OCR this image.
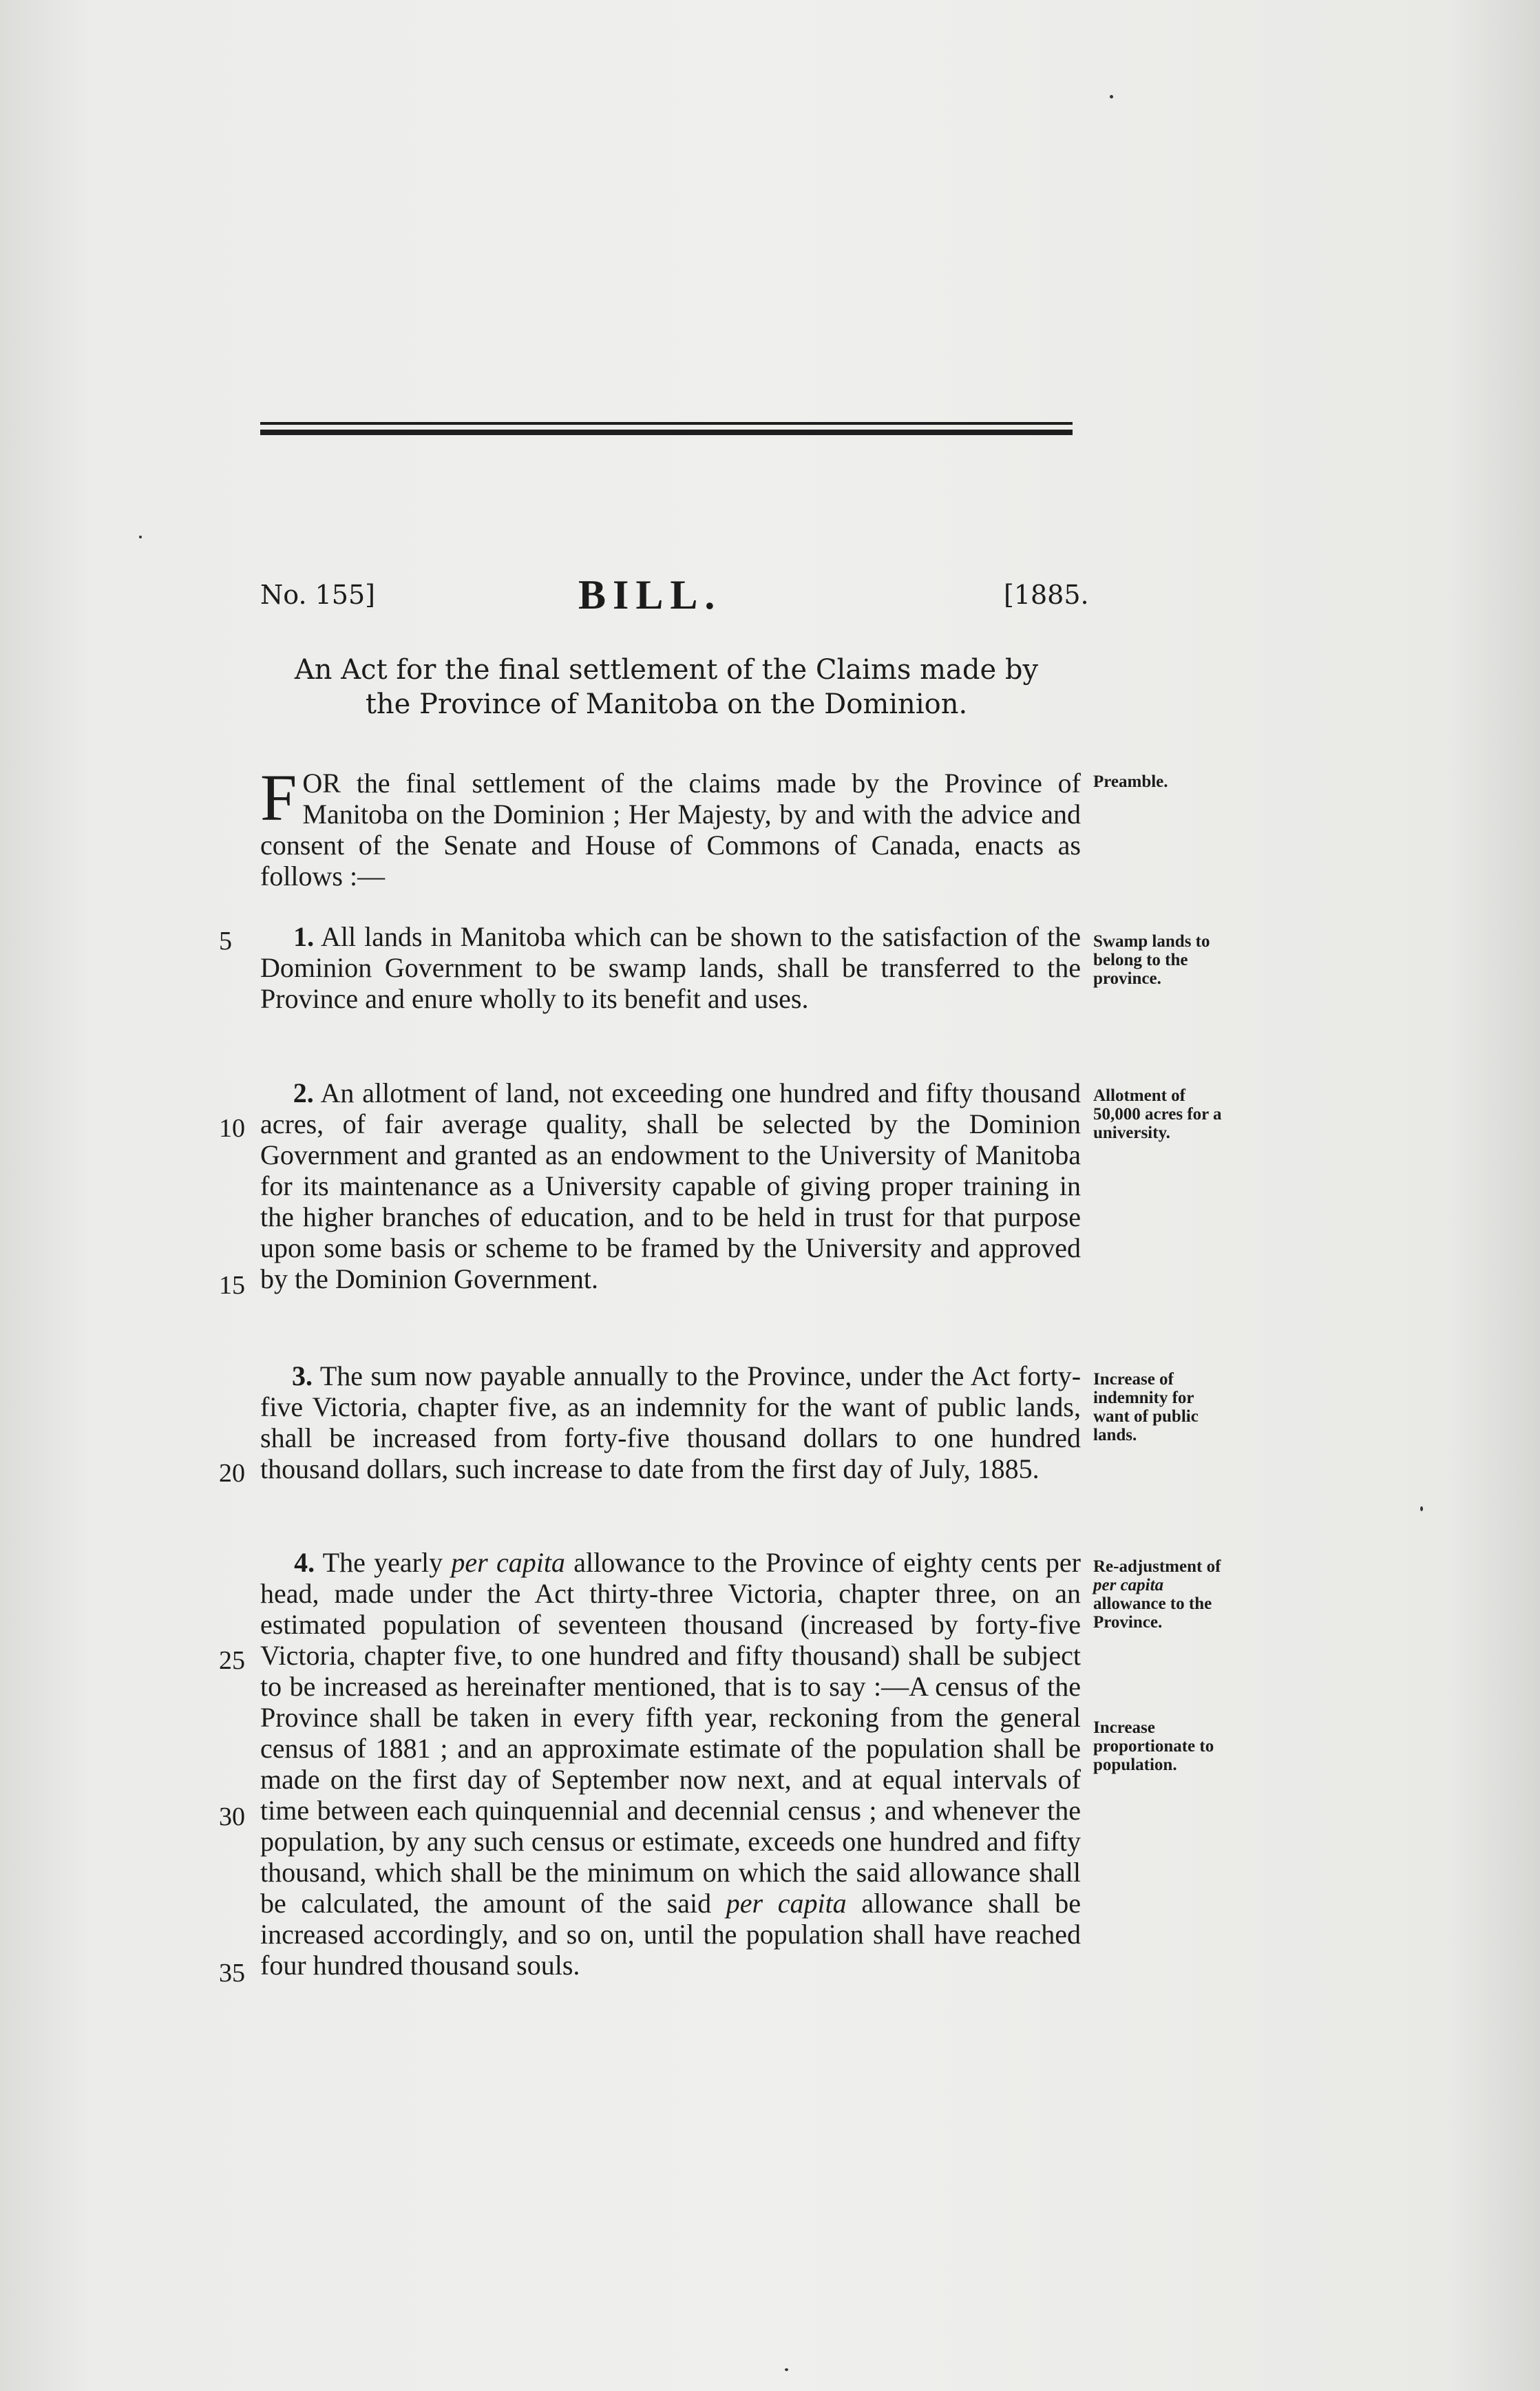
No. 155]	BILL.	[1885.
An Act for the final settlement of the Claims made by
the Province of Manitoba on the Dominion.
F OR the final settlement of the claims made by the Province of Manitoba on the Dominion ; Her Majesty, by and with the advice and consent of the Senate and House of Commons of Canada, enacts as follows :—
1. All lands in Manitoba which can be shown to the satisfaction of the Dominion Government to be swamp lands, shall be transferred to the Province and enure wholly to its benefit and uses.
2. An allotment of land, not exceeding one hundred and fifty thousand acres, of fair average quality, shall be selected by the Dominion Government and granted as an endowment to the University of Manitoba for its maintenance as a University capable of giving proper training in the higher branches of education, and to be held in trust for that purpose upon some basis or scheme to be framed by the University and approved by the Dominion Government.
3. The sum now payable annually to the Province, under the Act forty-five Victoria, chapter five, as an indemnity for the want of public lands, shall be increased from forty-five thousand dollars to one hundred thousand dollars, such increase to date from the first day of July, 1885.
4. The yearly per capita allowance to the Province of eighty cents per head, made under the Act thirty-three Victoria, chapter three, on an estimated population of seventeen thousand (increased by forty-five Victoria, chapter five, to one hundred and fifty thousand) shall be subject to be increased as hereinafter mentioned, that is to say :—A census of the Province shall be taken in every fifth year, reckoning from the general census of 1881 ; and an approximate estimate of the population shall be made on the first day of September now next, and at equal intervals of time between each quinquennial and decennial census ; and whenever the population, by any such census or estimate, exceeds one hundred and fifty thousand, which shall be the minimum on which the said allowance shall be calculated, the amount of the said per capita allowance shall be increased accordingly, and so on, until the population shall have reached four hundred thousand souls.
5
10
15
20
25
30
35
Preamble.
Swamp lands to belong to the province.
Allotment of 50,000 acres for a university.
Increase of indemnity for want of public lands.
Re-adjustment of per capita allowance to the Province.
Increase proportionate to population.
